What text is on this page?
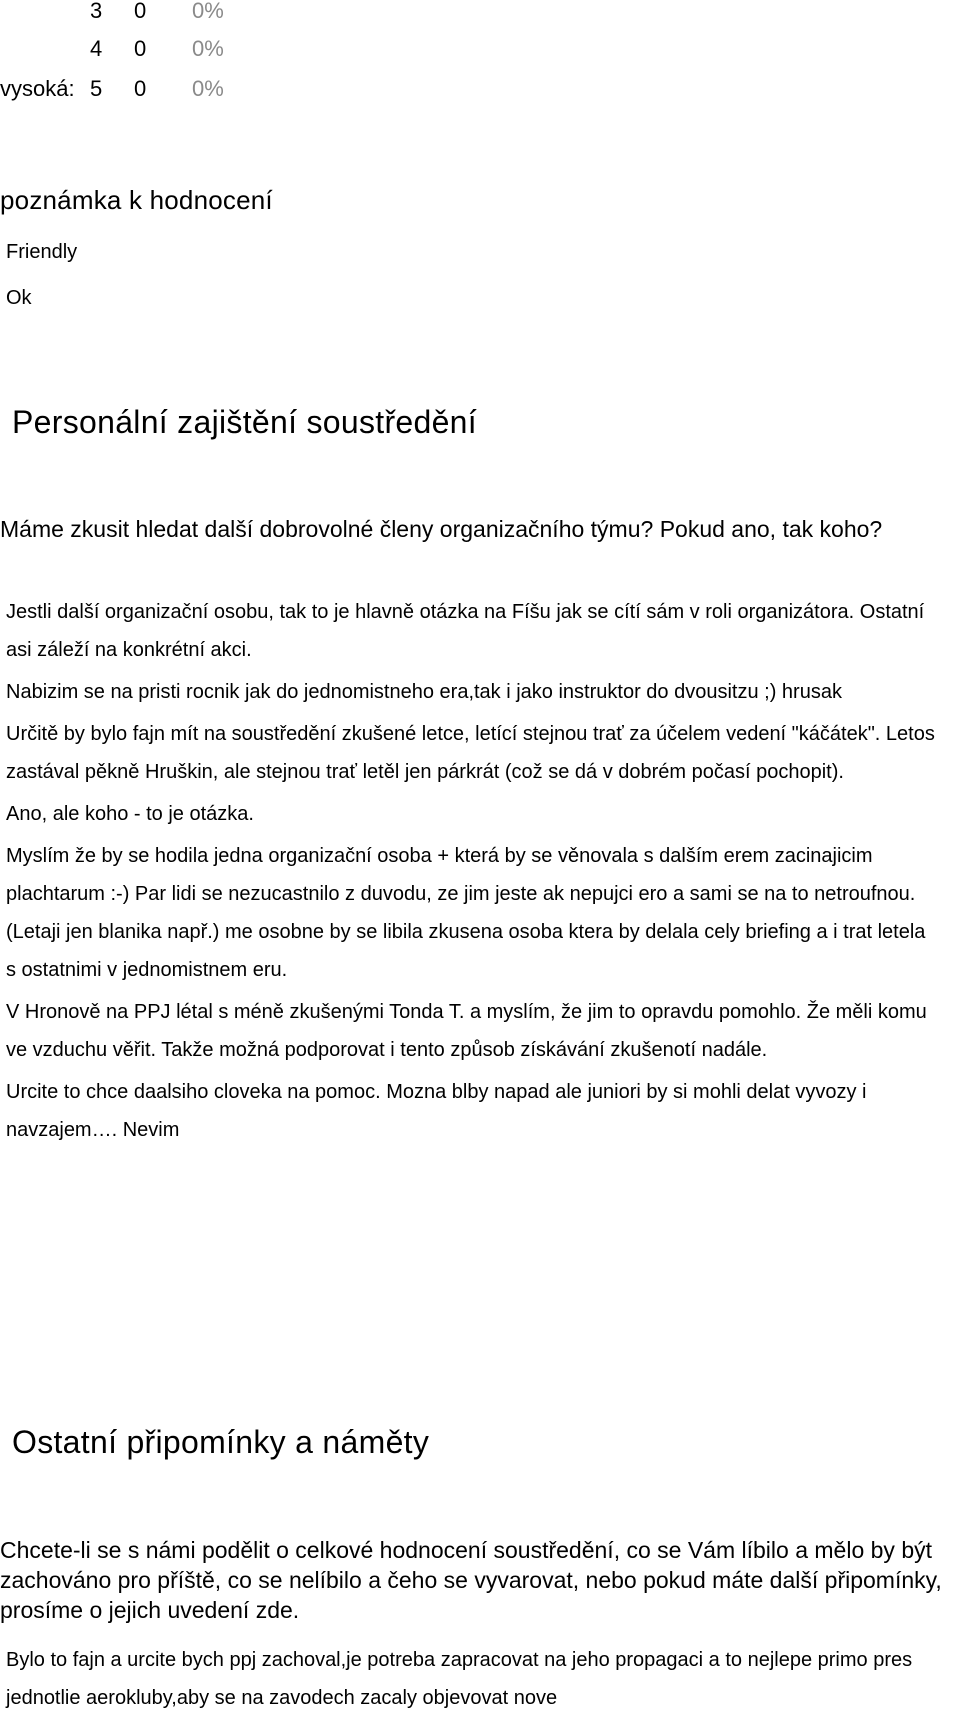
3 0 0%
4 0 0%
vysoká: 5 0 0%
poznámka k hodnocení
Friendly
Ok
Personální zajištění soustředění
Máme zkusit hledat další dobrovolné členy organizačního týmu? Pokud ano, tak koho?
Jestli další organizační osobu, tak to je hlavně otázka na Fíšu jak se cítí sám v roli organizátora. Ostatní asi záleží na konkrétní akci.
Nabizim se na pristi rocnik jak do jednomistneho era,tak i jako instruktor do dvousitzu ;) hrusak
Určitě by bylo fajn mít na soustředění zkušené letce, letící stejnou trať za účelem vedení "káčátek". Letos zastával pěkně Hruškin, ale stejnou trať letěl jen párkrát (což se dá v dobrém počasí pochopit).
Ano, ale koho - to je otázka.
Myslím že by se hodila jedna organizační osoba + která by se věnovala s dalším erem zacinajicim plachtarum :-) Par lidi se nezucastnilo z duvodu, ze jim jeste ak nepujci ero a sami se na to netroufnou. (Letaji jen blanika např.) me osobne by se libila zkusena osoba ktera by delala cely briefing a i trat letela s ostatnimi v jednomistnem eru.
V Hronově na PPJ létal s méně zkušenými Tonda T. a myslím, že jim to opravdu pomohlo. Že měli komu ve vzduchu věřit. Takže možná podporovat i tento způsob získávání zkušenotí nadále.
Urcite to chce daalsiho cloveka na pomoc. Mozna blby napad ale juniori by si mohli delat vyvozy i navzajem…. Nevim
Ostatní připomínky a náměty
Chcete-li se s námi podělit o celkové hodnocení soustředění, co se Vám líbilo a mělo by být zachováno pro příště, co se nelíbilo a čeho se vyvarovat, nebo pokud máte další připomínky, prosíme o jejich uvedení zde.
Bylo to fajn a urcite bych ppj zachoval,je potreba zapracovat na jeho propagaci a to nejlepe primo pres jednotlie aerokluby,aby se na zavodech zacaly objevovat nove
